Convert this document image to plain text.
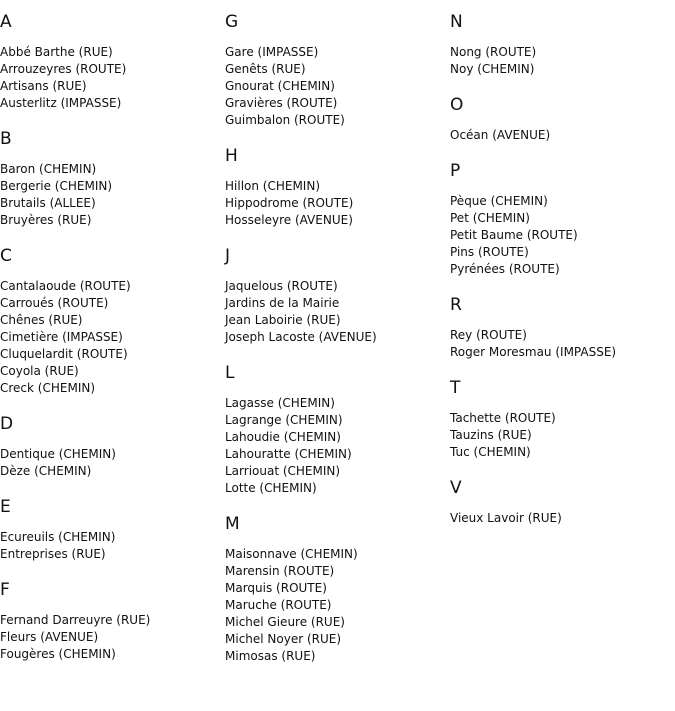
A
Abbé Barthe (RUE)
Arrouzeyres (ROUTE)
Artisans (RUE)
Austerlitz (IMPASSE)
B
Baron (CHEMIN)
Bergerie (CHEMIN)
Brutails (ALLEE)
Bruyères (RUE)
C
Cantalaoude (ROUTE)
Carroués (ROUTE)
Chênes (RUE)
Cimetière (IMPASSE)
Cluquelardit (ROUTE)
Coyola (RUE)
Creck (CHEMIN)
D
Dentique (CHEMIN)
Dèze (CHEMIN)
E
Ecureuils (CHEMIN)
Entreprises (RUE)
F
Fernand Darreuyre (RUE)
Fleurs (AVENUE)
Fougères (CHEMIN)
G
Gare (IMPASSE)
Genêts (RUE)
Gnourat (CHEMIN)
Gravières (ROUTE)
Guimbalon (ROUTE)
H
Hillon (CHEMIN)
Hippodrome (ROUTE)
Hosseleyre (AVENUE)
J
Jaquelous (ROUTE)
Jardins de la Mairie
Jean Laboirie (RUE)
Joseph Lacoste (AVENUE)
L
Lagasse (CHEMIN)
Lagrange (CHEMIN)
Lahoudie (CHEMIN)
Lahouratte (CHEMIN)
Larriouat (CHEMIN)
Lotte (CHEMIN)
M
Maisonnave (CHEMIN)
Marensin (ROUTE)
Marquis (ROUTE)
Maruche (ROUTE)
Michel Gieure (RUE)
Michel Noyer (RUE)
Mimosas (RUE)
N
Nong (ROUTE)
Noy (CHEMIN)
O
Océan (AVENUE)
P
Pèque (CHEMIN)
Pet (CHEMIN)
Petit Baume (ROUTE)
Pins (ROUTE)
Pyrénées (ROUTE)
R
Rey (ROUTE)
Roger Moresmau (IMPASSE)
T
Tachette (ROUTE)
Tauzins (RUE)
Tuc (CHEMIN)
V
Vieux Lavoir (RUE)
